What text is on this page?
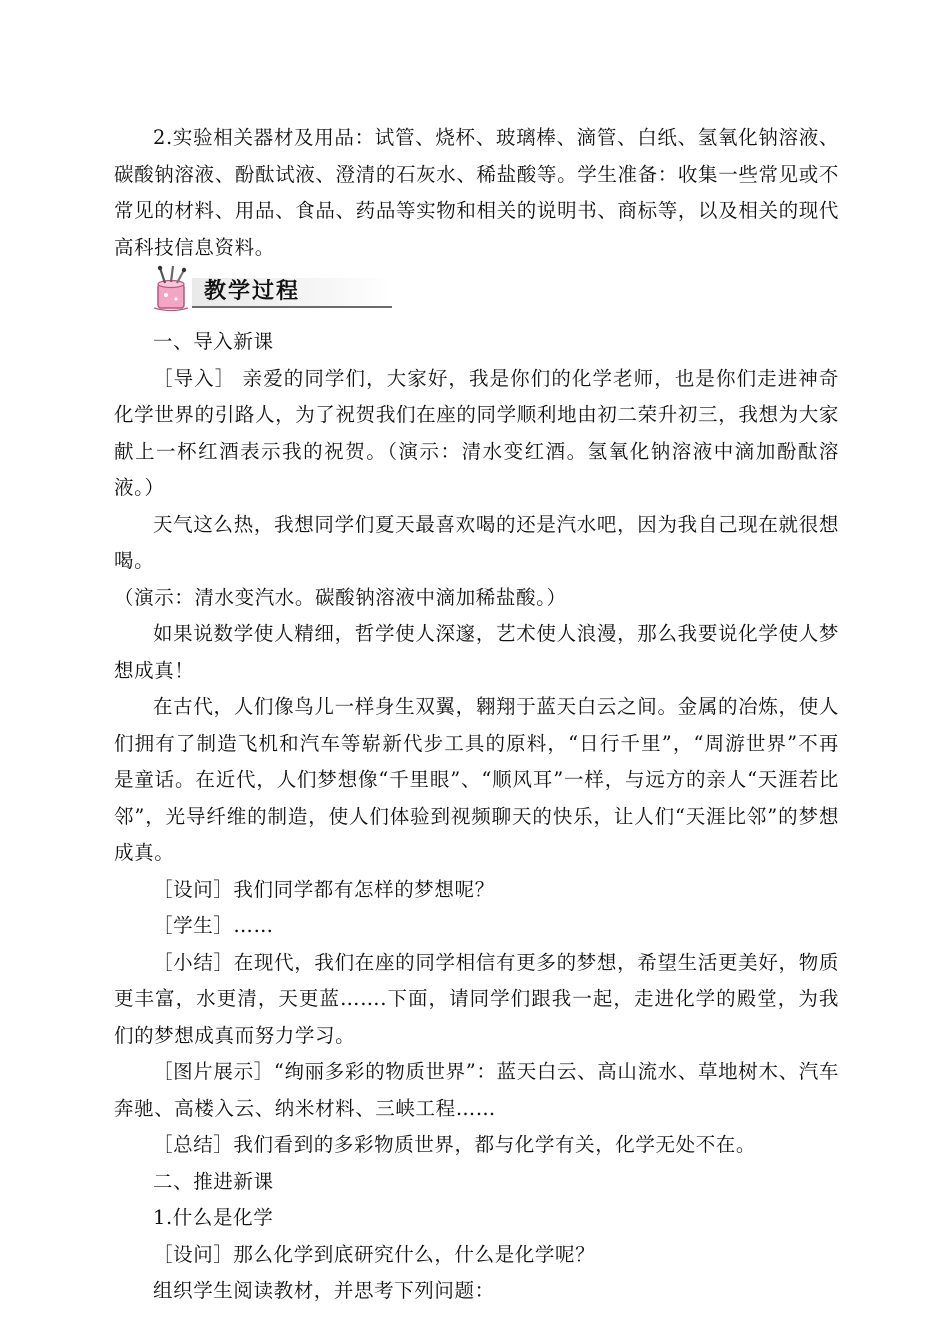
2.实验相关器材及用品：试管、烧杯、玻璃棒、滴管、白纸、氢氧化钠溶液、碳酸钠溶液、酚酞试液、澄清的石灰水、稀盐酸等。学生准备：收集一些常见或不常见的材料、用品、食品、药品等实物和相关的说明书、商标等，以及相关的现代高科技信息资料。

教学过程

一、导入新课

［导入］ 亲爱的同学们，大家好，我是你们的化学老师，也是你们走进神奇化学世界的引路人，为了祝贺我们在座的同学顺利地由初二荣升初三，我想为大家献上一杯红酒表示我的祝贺。（演示：清水变红酒。氢氧化钠溶液中滴加酚酞溶液。）

天气这么热，我想同学们夏天最喜欢喝的还是汽水吧，因为我自己现在就很想喝。

（演示：清水变汽水。碳酸钠溶液中滴加稀盐酸。）

如果说数学使人精细，哲学使人深邃，艺术使人浪漫，那么我要说化学使人梦想成真！

在古代，人们像鸟儿一样身生双翼，翱翔于蓝天白云之间。金属的冶炼，使人们拥有了制造飞机和汽车等崭新代步工具的原料，“日行千里”，“周游世界”不再是童话。在近代，人们梦想像“千里眼”、“顺风耳”一样，与远方的亲人“天涯若比邻”，光导纤维的制造，使人们体验到视频聊天的快乐，让人们“天涯比邻”的梦想成真。

［设问］我们同学都有怎样的梦想呢？

［学生］……

［小结］在现代，我们在座的同学相信有更多的梦想，希望生活更美好，物质更丰富，水更清，天更蓝…….下面，请同学们跟我一起，走进化学的殿堂，为我们的梦想成真而努力学习。

［图片展示］“绚丽多彩的物质世界”：蓝天白云、高山流水、草地树木、汽车奔驰、高楼入云、纳米材料、三峡工程……

［总结］我们看到的多彩物质世界，都与化学有关，化学无处不在。

二、推进新课

1.什么是化学

［设问］那么化学到底研究什么，什么是化学呢？

组织学生阅读教材，并思考下列问题：
